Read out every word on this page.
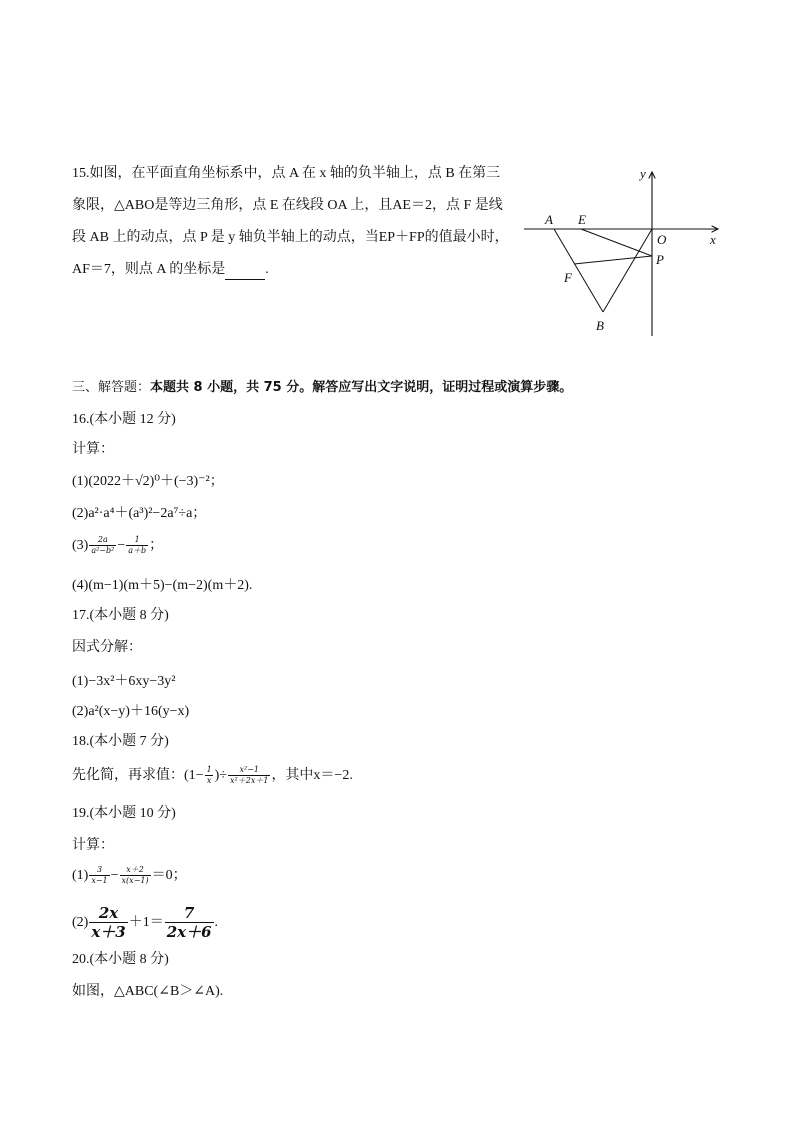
15.如图，在平面直角坐标系中，点 A 在 x 轴的负半轴上，点 B 在第三
象限，△ABO是等边三角形，点 E 在线段 OA 上，且AE＝2，点 F 是线
段 AB 上的动点，点 P 是 y 轴负半轴上的动点，当EP＋FP的值最小时，
AF＝7，则点 A 的坐标是	.
y
x
A E
O
P
F
B
三、解答题：本题共 8 小题，共 75 分。解答应写出文字说明，证明过程或演算步骤。
16.(本小题 12 分)
计算：
(1)(2022＋√2)⁰＋(−3)⁻²；
(2)a²·a⁴＋(a³)²−2a⁷÷a；
$(3) \frac{2a}{\text{a²−b²}} - \frac{1}{a+b}$ ；
(4)(m−1)(m＋5)−(m−2)(m＋2).
17.(本小题 8 分)
因式分解：
(1)−3x²＋6xy−3y²
(2)a²(x−y)＋16(y−x)
18.(本小题 7 分)
先化简，再求值：($1- \frac{1}{x}$ )÷ $\frac{\text{x²−1}}{\text{x²＋2x＋1}}$ ，其中x＝−2.
19.(本小题 10 分)
计算：
$(1) \frac{3}{x-1} - \frac{x+2}{x(x-1)} =0$；
$(2) \frac{2x}{x+3} +1= \frac{7}{2x+6}$ .
20.(本小题 8 分)
如图，△ABC(∠B＞∠A).
